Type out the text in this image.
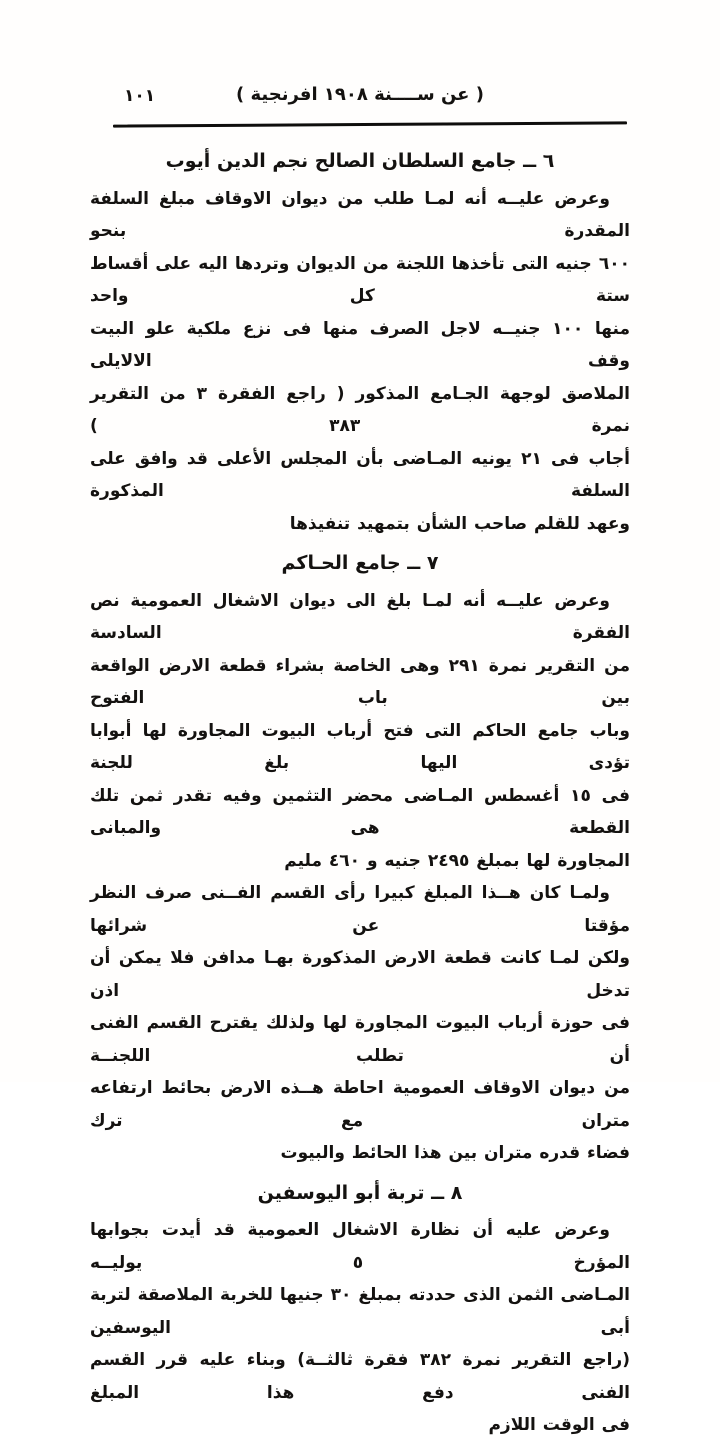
١٠١	( عن ســــنة ١٩٠٨ افرنجية )
٦ ــ جامع السلطان الصالح نجم الدين أيوب
وعرض عليــه أنه لمـا طلب من ديوان الاوقاف مبلغ السلفة المقدرة بنحو
٦٠٠ جنيه التى تأخذها اللجنة من الديوان وتردها اليه على أقساط ستة كل واحد
منها ١٠٠ جنيــه لاجل الصرف منها فى نزع ملكية علو البيت وقف الالايلى
الملاصق لوجهة الجـامع المذكور ( راجع الفقرة ٣ من التقرير نمرة ٣٨٣ )
أجاب فى ٢١ يونيه المـاضى بأن المجلس الأعلى قد وافق على السلفة المذكورة
وعهد للقلم صاحب الشأن بتمهيد تنفيذها
٧ ــ جامع الحـاكم
وعرض عليــه أنه لمـا بلغ الى ديوان الاشغال العمومية نص الفقرة السادسة
من التقرير نمرة ٢٩١ وهى الخاصة بشراء قطعة الارض الواقعة بين باب الفتوح
وباب جامع الحاكم التى فتح أرباب البيوت المجاورة لها أبوابا تؤدى اليها بلغ للجنة
فى ١٥ أغسطس المـاضى محضر التثمين وفيه تقدر ثمن تلك القطعة هى والمبانى
المجاورة لها بمبلغ ٢٤٩٥ جنيه و ٤٦٠ مليم
ولمـا كان هــذا المبلغ كبيرا رأى القسم الفــنى صرف النظر مؤقتا عن شرائها
ولكن لمـا كانت قطعة الارض المذكورة بهـا مدافن فلا يمكن أن تدخل اذن
فى حوزة أرباب البيوت المجاورة لها ولذلك يقترح القسم الفنى أن تطلب اللجنــة
من ديوان الاوقاف العمومية احاطة هــذه الارض بحائط ارتفاعه متران مع ترك
فضاء قدره متران بين هذا الحائط والبيوت
٨ ــ تربة أبو اليوسفين
وعرض عليه أن نظارة الاشغال العمومية قد أيدت بجوابها المؤرخ ٥ يوليــه
المـاضى الثمن الذى حددته بمبلغ ٣٠ جنيها للخربة الملاصقة لتربة أبى اليوسفين
(راجع التقرير نمرة ٣٨٢ فقرة ثالثــة) وبناء عليه قرر القسم الفنى دفع هذا المبلغ
فى الوقت اللازم
